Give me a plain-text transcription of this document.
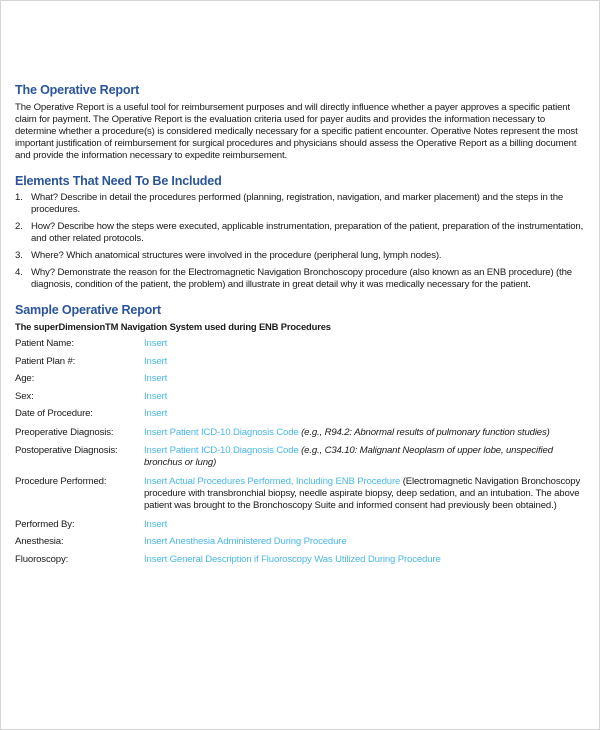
The Operative Report

The Operative Report is a useful tool for reimbursement purposes and will directly influence whether a payer approves a specific patient claim for payment. The Operative Report is the evaluation criteria used for payer audits and provides the information necessary to determine whether a procedure(s) is considered medically necessary for a specific patient encounter. Operative Notes represent the most important justification of reimbursement for surgical procedures and physicians should assess the Operative Report as a billing document and provide the information necessary to expedite reimbursement.

Elements That Need To Be Included
1. What? Describe in detail the procedures performed (planning, registration, navigation, and marker placement) and the steps in the procedures.
2. How? Describe how the steps were executed, applicable instrumentation, preparation of the patient, preparation of the instrumentation, and other related protocols.
3. Where? Which anatomical structures were involved in the procedure (peripheral lung, lymph nodes).
4. Why? Demonstrate the reason for the Electromagnetic Navigation Bronchoscopy procedure (also known as an ENB procedure) (the diagnosis, condition of the patient, the problem) and illustrate in great detail why it was medically necessary for the patient.
Sample Operative Report
The superDimensionTM Navigation System used during ENB Procedures
Patient Name:	Insert
Patient Plan #:	Insert
Age:	Insert
Sex:	Insert
Date of Procedure:	Insert
Preoperative Diagnosis:	Insert Patient ICD-10 Diagnosis Code (e.g., R94.2: Abnormal results of pulmonary function studies)
Postoperative Diagnosis:	Insert Patient ICD-10 Diagnosis Code (e.g., C34.10: Malignant Neoplasm of upper lobe, unspecified bronchus or lung)
Procedure Performed:	Insert Actual Procedures Performed, Including ENB Procedure (Electromagnetic Navigation Bronchoscopy procedure with transbronchial biopsy, needle aspirate biopsy, deep sedation, and an intubation. The above patient was brought to the Bronchoscopy Suite and informed consent had previously been obtained.)
Performed By:	Insert
Anesthesia:	Insert Anesthesia Administered During Procedure
Fluoroscopy:	Insert General Description if Fluoroscopy Was Utilized During Procedure
